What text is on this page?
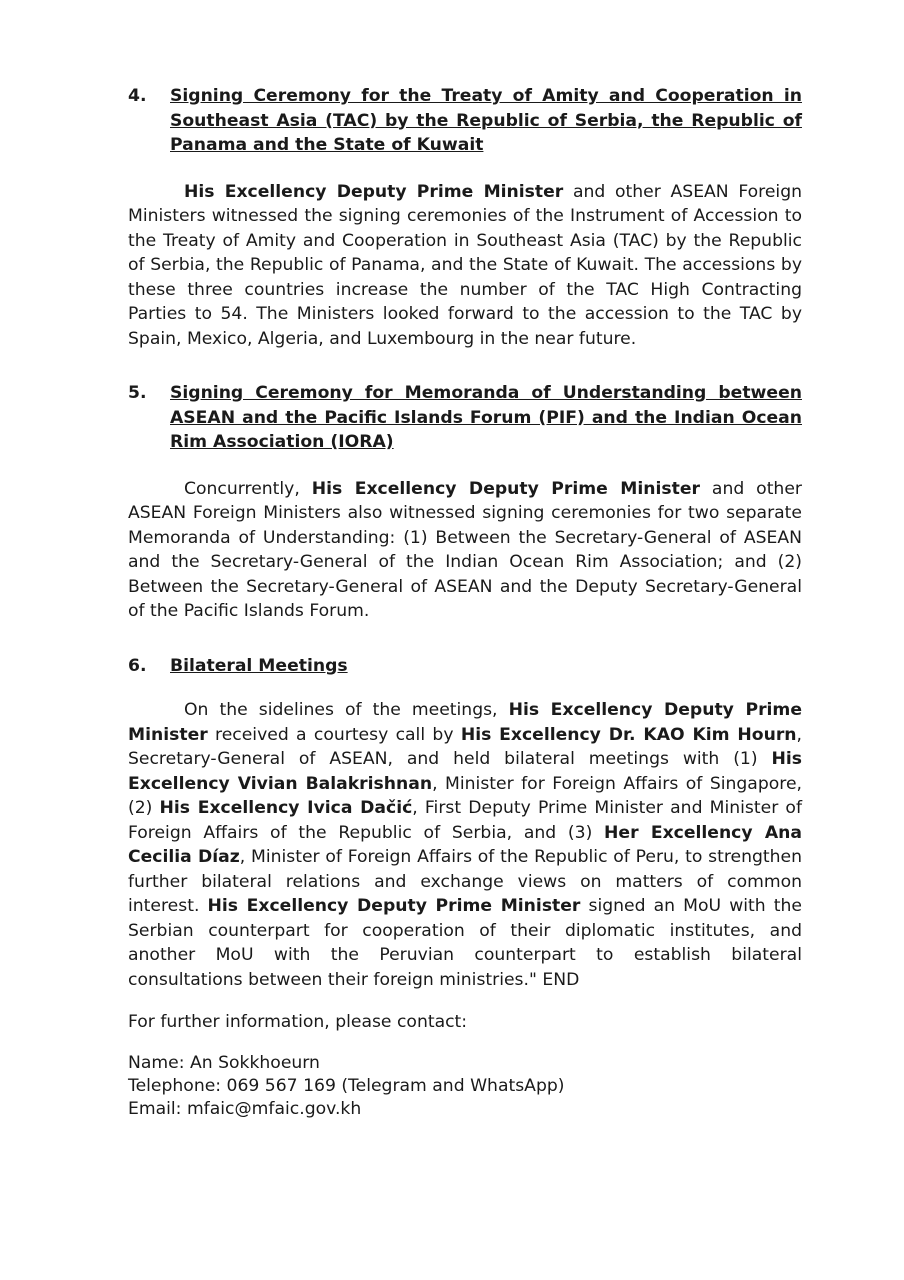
4.	Signing Ceremony for the Treaty of Amity and Cooperation in Southeast Asia (TAC) by the Republic of Serbia, the Republic of Panama and the State of Kuwait

His Excellency Deputy Prime Minister and other ASEAN Foreign Ministers witnessed the signing ceremonies of the Instrument of Accession to the Treaty of Amity and Cooperation in Southeast Asia (TAC) by the Republic of Serbia, the Republic of Panama, and the State of Kuwait. The accessions by these three countries increase the number of the TAC High Contracting Parties to 54. The Ministers looked forward to the accession to the TAC by Spain, Mexico, Algeria, and Luxembourg in the near future.

5.	Signing Ceremony for Memoranda of Understanding between ASEAN and the Pacific Islands Forum (PIF) and the Indian Ocean Rim Association (IORA)

Concurrently, His Excellency Deputy Prime Minister and other ASEAN Foreign Ministers also witnessed signing ceremonies for two separate Memoranda of Understanding: (1) Between the Secretary-General of ASEAN and the Secretary-General of the Indian Ocean Rim Association; and (2) Between the Secretary-General of ASEAN and the Deputy Secretary-General of the Pacific Islands Forum.

6.	Bilateral Meetings

On the sidelines of the meetings, His Excellency Deputy Prime Minister received a courtesy call by His Excellency Dr. KAO Kim Hourn, Secretary-General of ASEAN, and held bilateral meetings with (1) His Excellency Vivian Balakrishnan, Minister for Foreign Affairs of Singapore, (2) His Excellency Ivica Dačić, First Deputy Prime Minister and Minister of Foreign Affairs of the Republic of Serbia, and (3) Her Excellency Ana Cecilia Díaz, Minister of Foreign Affairs of the Republic of Peru, to strengthen further bilateral relations and exchange views on matters of common interest. His Excellency Deputy Prime Minister signed an MoU with the Serbian counterpart for cooperation of their diplomatic institutes, and another MoU with the Peruvian counterpart to establish bilateral consultations between their foreign ministries." END

For further information, please contact:

Name: An Sokkhoeurn

Telephone: 069 567 169 (Telegram and WhatsApp)

Email: mfaic@mfaic.gov.kh
